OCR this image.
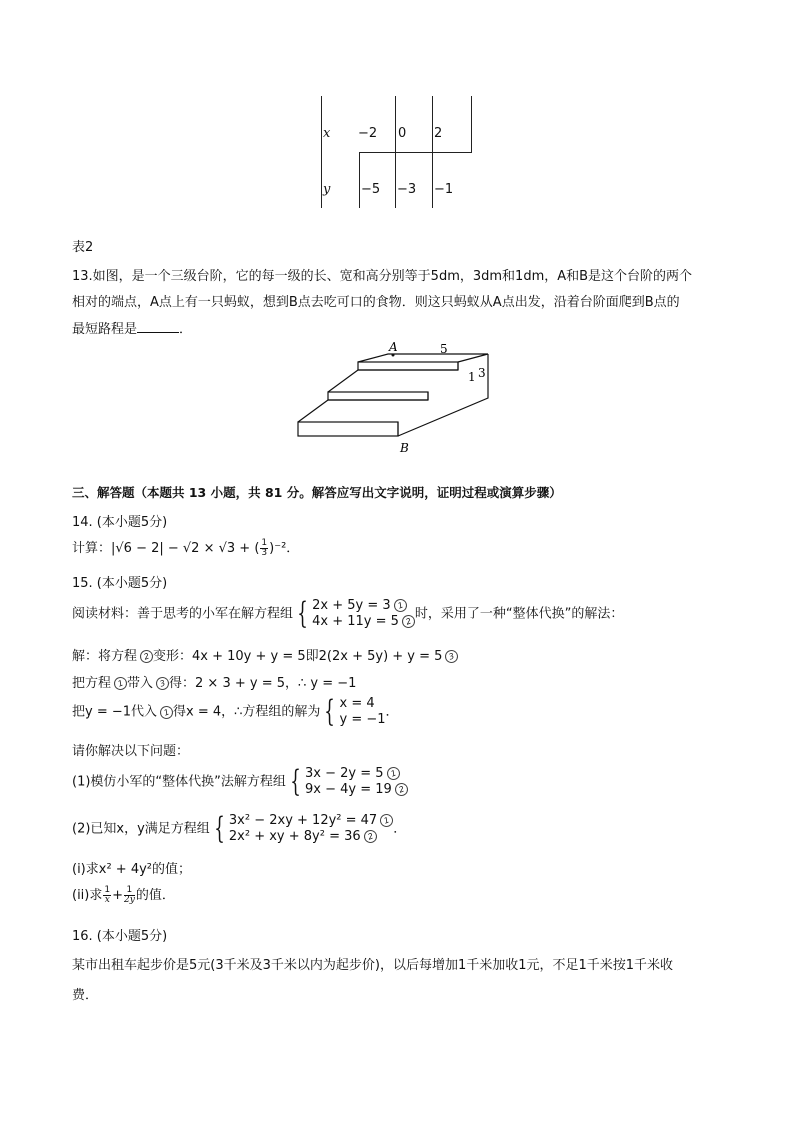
x −2 0 2
y −5 −3 −1
表2
13.如图，是一个三级台阶，它的每一级的长、宽和高分别等于5dm，3dm和1dm，A和B是这个台阶的两个
相对的端点，A点上有一只蚂蚁，想到B点去吃可口的食物．则这只蚂蚁从A点出发，沿着台阶面爬到B点的
最短路程是	．
A	5
1 3
B
三、解答题（本题共 13 小题，共 81 分。解答应写出文字说明，证明过程或演算步骤）
14. (本小题5分)
计算：|√6 − 2| − √2 × √3 + ( $\frac{1}{3} )^{-2}$．
15. (本小题5分)
阅读材料：善于思考的小军在解方程组 { 2x + 5y = 3 1
4x + 11y = 5 2 时，采用了一种“整体代换”的解法：
解：将方程 2 变形：4x + 10y + y = 5即2(2x + 5y) + y = 5 3
把方程 1 带入 3 得：2 × 3 + y = 5，∴ y = −1
把y = −1代入 1 得x = 4，∴方程组的解为 { x = 4
y = −1 ．
请你解决以下问题：
(1)模仿小军的“整体代换”法解方程组 { 3x − 2y = 5 1
9x − 4y = 19 2
(2)已知x，y满足方程组 { 3x² − 2xy + 12y² = 47 1
2x² + xy + 8y² = 36 2	．
(i)求x² + 4y²的值；
(ii)求 $\frac{1}{x} + \frac{1}{2y}$ 的值．
16. (本小题5分)
某市出租车起步价是5元(3千米及3千米以内为起步价)，以后每增加1千米加收1元，不足1千米按1千米收
费．
